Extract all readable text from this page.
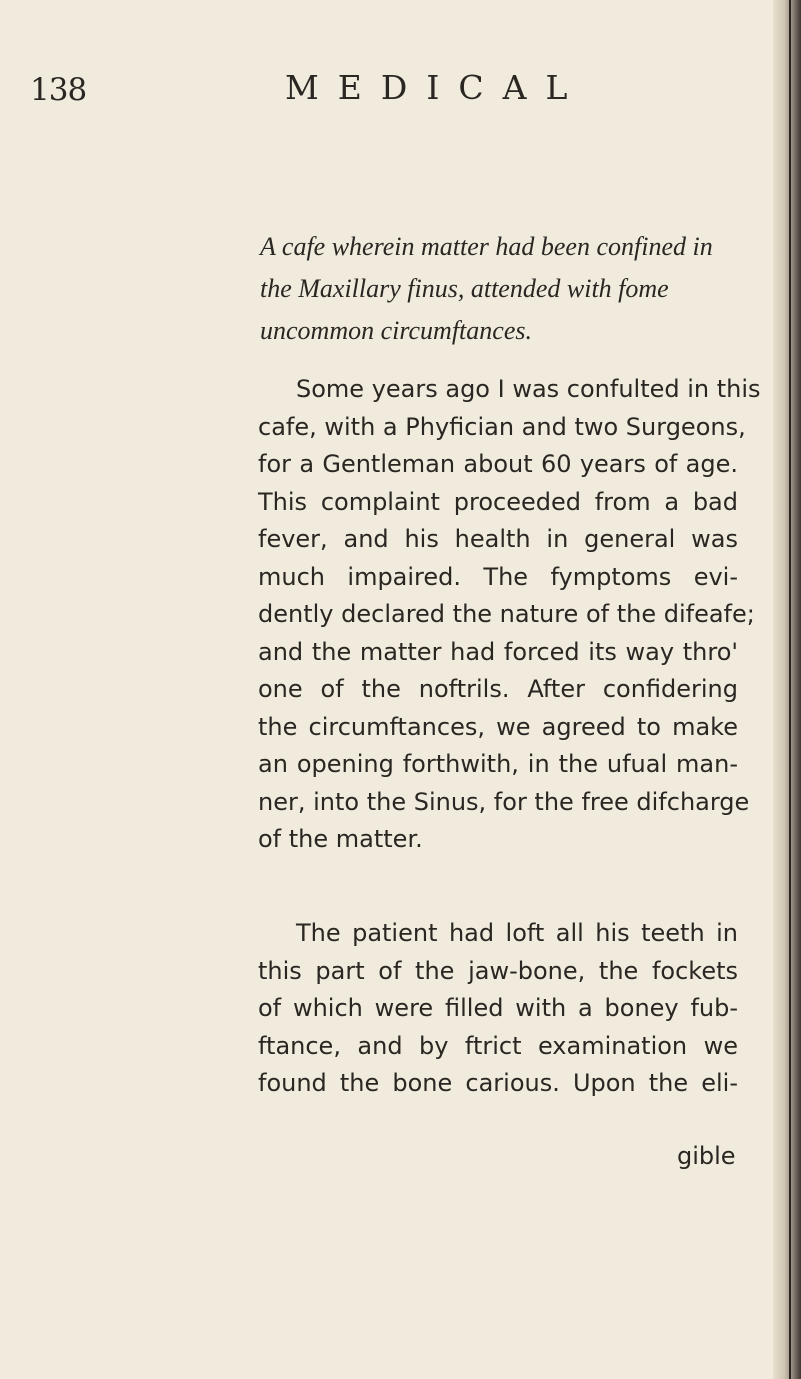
138	MEDICAL

A cafe wherein matter had been confined in
the Maxillary finus, attended with fome
uncommon circumftances.

Some years ago I was confulted in this
cafe, with a Phyfician and two Surgeons,
for a Gentleman about 60 years of age.
This complaint proceeded from a bad
fever, and his health in general was
much impaired. The fymptoms evi-
dently declared the nature of the difeafe;
and the matter had forced its way thro'
one of the noftrils. After confidering
the circumftances, we agreed to make
an opening forthwith, in the ufual man-
ner, into the Sinus, for the free difcharge
of the matter.

The patient had loft all his teeth in
this part of the jaw-bone, the fockets
of which were filled with a boney fub-
ftance, and by ftrict examination we
found the bone carious. Upon the eli-

gible
